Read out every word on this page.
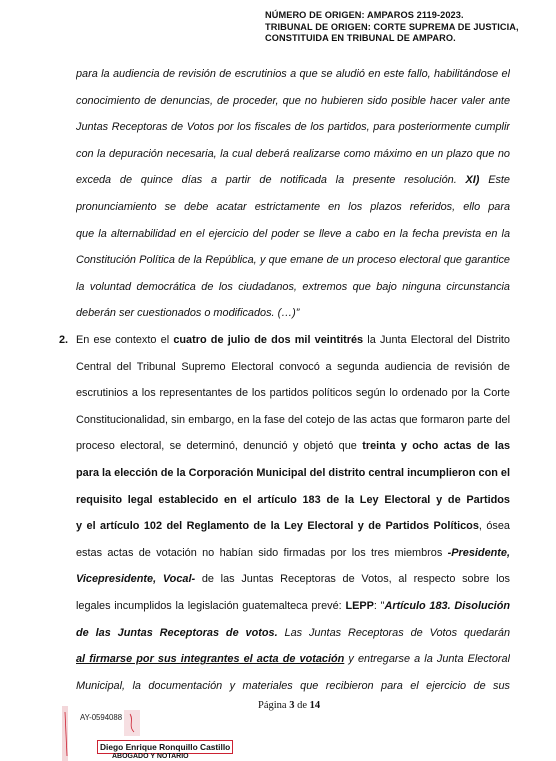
NÚMERO DE ORIGEN: AMPAROS 2119-2023.
TRIBUNAL DE ORIGEN: CORTE SUPREMA DE JUSTICIA,
CONSTITUIDA EN TRIBUNAL DE AMPARO.
para la audiencia de revisión de escrutinios a que se aludió en este fallo, habilitándose el
conocimiento de denuncias, de proceder, que no hubieren sido posible hacer valer ante
Juntas Receptoras de Votos por los fiscales de los partidos, para posteriormente cumplir
con la depuración necesaria, la cual deberá realizarse como máximo en un plazo que no
exceda de quince días a partir de notificada la presente resolución. XI) Este
pronunciamiento se debe acatar estrictamente en los plazos referidos, ello para
que la alternabilidad en el ejercicio del poder se lleve a cabo en la fecha prevista en la
Constitución Política de la República, y que emane de un proceso electoral que garantice
la voluntad democrática de los ciudadanos, extremos que bajo ninguna circunstancia
deberán ser cuestionados o modificados. (…)”
2. En ese contexto el cuatro de julio de dos mil veintitrés la Junta Electoral del Distrito
Central del Tribunal Supremo Electoral convocó a segunda audiencia de revisión de
escrutinios a los representantes de los partidos políticos según lo ordenado por la Corte
Constitucionalidad, sin embargo, en la fase del cotejo de las actas que formaron parte del
proceso electoral, se determinó, denunció y objetó que treinta y ocho actas de las
para la elección de la Corporación Municipal del distrito central incumplieron con el
requisito legal establecido en el artículo 183 de la Ley Electoral y de Partidos
y el artículo 102 del Reglamento de la Ley Electoral y de Partidos Políticos, ósea
estas actas de votación no habían sido firmadas por los tres miembros -Presidente,
Vicepresidente, Vocal- de las Juntas Receptoras de Votos, al respecto sobre los
legales incumplidos la legislación guatemalteca prevé: LEPP: "Artículo 183. Disolución
de las Juntas Receptoras de votos. Las Juntas Receptoras de Votos quedarán
al firmarse por sus integrantes el acta de votación y entregarse a la Junta Electoral
Municipal, la documentación y materiales que recibieron para el ejercicio de sus
Página 3 de 14
AY-0594088
Diego Enrique Ronquillo Castillo
ABOGADO Y NOTARIO
